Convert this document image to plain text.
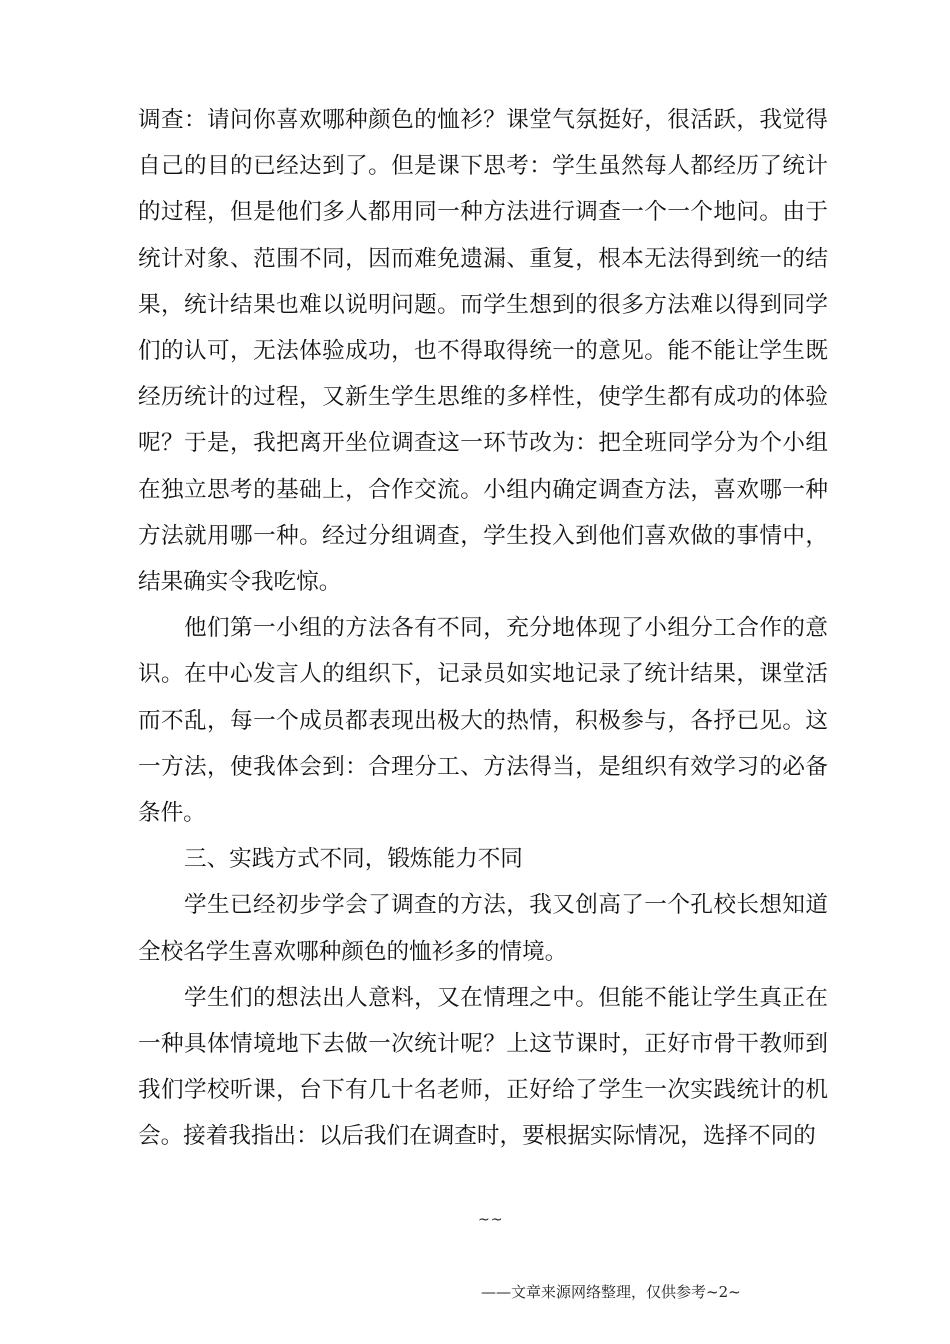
调查：请问你喜欢哪种颜色的恤衫？课堂气氛挺好，很活跃，我觉得自己的目的已经达到了。但是课下思考：学生虽然每人都经历了统计的过程，但是他们多人都用同一种方法进行调查一个一个地问。由于统计对象、范围不同，因而难免遗漏、重复，根本无法得到统一的结果，统计结果也难以说明问题。而学生想到的很多方法难以得到同学们的认可，无法体验成功，也不得取得统一的意见。能不能让学生既经历统计的过程，又新生学生思维的多样性，使学生都有成功的体验呢？于是，我把离开坐位调查这一环节改为：把全班同学分为个小组在独立思考的基础上，合作交流。小组内确定调查方法，喜欢哪一种方法就用哪一种。经过分组调查，学生投入到他们喜欢做的事情中，结果确实令我吃惊。

他们第一小组的方法各有不同，充分地体现了小组分工合作的意识。在中心发言人的组织下，记录员如实地记录了统计结果，课堂活而不乱，每一个成员都表现出极大的热情，积极参与，各抒已见。这一方法，使我体会到：合理分工、方法得当，是组织有效学习的必备条件。

三、实践方式不同，锻炼能力不同

学生已经初步学会了调查的方法，我又创高了一个孔校长想知道全校名学生喜欢哪种颜色的恤衫多的情境。

学生们的想法出人意料，又在情理之中。但能不能让学生真正在一种具体情境地下去做一次统计呢？上这节课时，正好市骨干教师到我们学校听课，台下有几十名老师，正好给了学生一次实践统计的机会。接着我指出：以后我们在调查时，要根据实际情况，选择不同的

~~
——文章来源网络整理，仅供参考~2~
